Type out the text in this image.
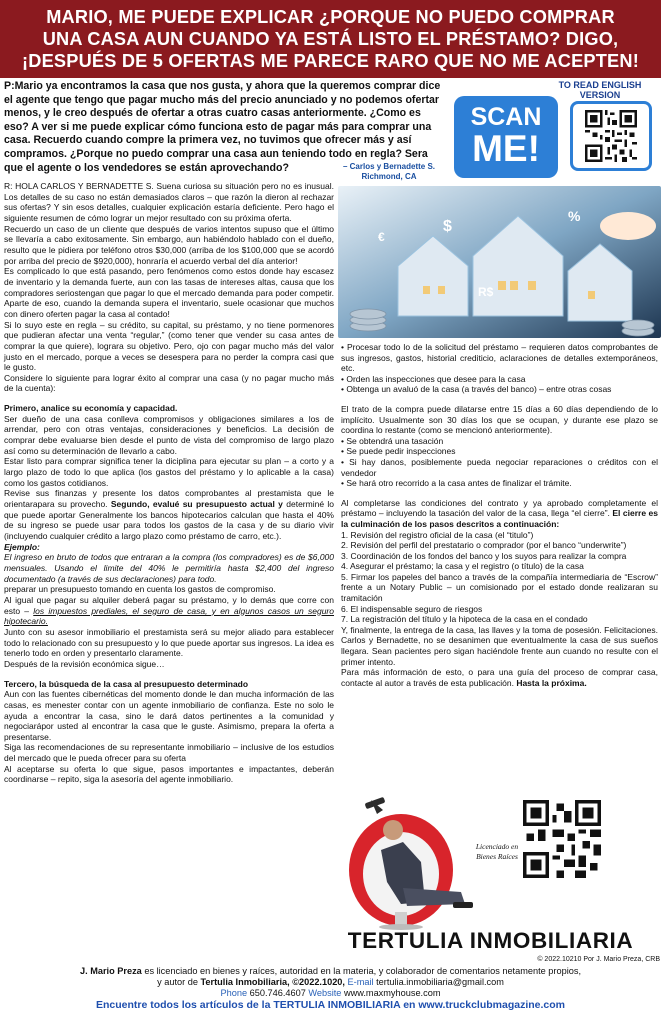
MARIO, ME PUEDE EXPLICAR ¿PORQUE NO PUEDO COMPRAR
UNA CASA AUN CUANDO YA ESTÁ LISTO EL PRÉSTAMO? DIGO,
¡DESPUÉS DE 5 OFERTAS ME PARECE RARO QUE NO ME ACEPTEN!
P:Mario ya encontramos la casa que nos gusta, y ahora que la queremos comprar dice el agente que tengo que pagar mucho más del precio anunciado y no podemos ofertar menos, y le creo después de ofertar a otras cuatro casas anteriormente. ¿Como es eso? A ver si me puede explicar cómo funciona esto de pagar más para comprar una casa. Recuerdo cuando compre la primera vez, no tuvimos que ofrecer más y así compramos. ¿Porque no puedo comprar una casa aun teniendo todo en regla? Sera que el agente o los vendedores se están aprovechando?	– Carlos y Bernadette S.
Richmond, CA
TO READ ENGLISH
VERSION
SCAN
ME!

R: HOLA CARLOS Y BERNADETTE S. Suena curiosa su situación pero no es inusual. Los detalles de su caso no están demasiados claros – que razón la dieron al rechazar sus ofertas? Y sin esos detalles, cualquier explicación estaría deficiente. Pero hago el siguiente resumen de cómo lograr un mejor resultado con su próxima oferta.

Recuerdo un caso de un cliente que después de varios intentos supuso que el último se llevaría a cabo exitosamente. Sin embargo, aun habiéndolo hablado con el dueño, resulto que le pidiera por teléfono otros $30,000 (arriba de los $100,000 que se acordó por arriba del precio de $920,000), honraría el acuerdo verbal del día anterior!

Es complicado lo que está pasando, pero fenómenos como estos donde hay escasez de inventario y la demanda fuerte, aun con las tasas de intereses altas, causa que los compradores seriostengan que pagar lo que el mercado demanda para poder competir. Aparte de eso, cuando la demanda supera el inventario, suele ocasionar que muchos con dinero oferten pagar la casa al contado!

Si lo suyo este en regla – su crédito, su capital, su préstamo, y no tiene pormenores que pudieran afectar una venta “regular,” (como tener que vender su casa antes de comprar la que quiere), lograra su objetivo. Pero, ojo con pagar mucho más del valor justo en el mercado, porque a veces se desespera para no perder la compra casi que le gusto.

Considere lo siguiente para lograr éxito al comprar una casa (y no pagar mucho más de la cuenta):

Primero, analice su economía y capacidad.

Ser dueño de una casa conlleva compromisos y obligaciones similares a los de arrendar, pero con otras ventajas, consideraciones y beneficios. La decisión de comprar debe evaluarse bien desde el punto de vista del compromiso de largo plazo así como su determinación de llevarlo a cabo.

Estar listo para comprar significa tener la diciplina para ejecutar su plan – a corto y a largo plazo de todo lo que aplica (los gastos del préstamo y lo aplicable a la casa) como los gastos cotidianos.

Revise sus finanzas y presente los datos comprobantes al prestamista que le orientarapara su provecho. Segundo, evalué su presupuesto actual y determiné lo que puede aportar Generalmente los bancos hipotecarios calculan que hasta el 40% de su ingreso se puede usar para todos los gastos de la casa y de su diario vivir (incluyendo cualquier crédito a largo plazo como préstamo de carro, etc.).

Ejemplo:

El ingreso en bruto de todos que entraran a la compra (los compradores) es de $6,000 mensuales. Usando el limite del 40% le permitiría hasta $2,400 del ingreso documentado (a través de sus declaraciones) para todo.

preparar un presupuesto tomando en cuenta los gastos de compromiso.

Al igual que pagar su alquiler deberá pagar su préstamo, y lo demás que corre con esto – los impuestos prediales, el seguro de casa, y en algunos casos un seguro hipotecario.

Junto con su asesor inmobiliario el prestamista será su mejor aliado para establecer todo lo relacionado con su presupuesto y lo que puede aportar sus ingresos. La idea es tenerlo todo en orden y presentarlo claramente.

Después de la revisión económica sigue…

Tercero, la búsqueda de la casa al presupuesto determinado

Aun con las fuentes cibernéticas del momento donde le dan mucha información de las casas, es menester contar con un agente inmobiliario de confianza. Este no solo le ayuda a encontrar la casa, sino le dará datos pertinentes a la comunidad y negociarápor usted al encontrar la casa que le guste. Asimismo, prepara la oferta a presentarse.

Siga las recomendaciones de su representante inmobiliario – inclusive de los estudios del mercado que le pueda ofrecer para su oferta

Al aceptarse su oferta lo que sigue, pasos importantes e impactantes, deberán coordinarse – repito, siga la asesoría del agente inmobiliario.

$
%
R$
€

• Procesar todo lo de la solicitud del préstamo – requieren datos comprobantes de sus ingresos, gastos, historial crediticio, aclaraciones de detalles extemporáneos, etc.

• Orden las inspecciones que desee para la casa

• Obtenga un avaluó de la casa (a través del banco) – entre otras cosas

El trato de la compra puede dilatarse entre 15 días a 60 días dependiendo de lo implícito. Usualmente son 30 días los que se ocupan, y durante ese plazo se coordina lo restante (como se mencionó anteriormente).

• Se obtendrá una tasación

• Se puede pedir inspecciones

• Si hay danos, posiblemente pueda negociar reparaciones o créditos con el vendedor

• Se hará otro recorrido a la casa antes de finalizar el trámite.

Al completarse las condiciones del contrato y ya aprobado completamente el préstamo – incluyendo la tasación del valor de la casa, llega “el cierre”. El cierre es la culminación de los pasos descritos a continuación:

1. Revisión del registro oficial de la casa (el “titulo”)

2. Revisión del perfil del prestatario o comprador (por el banco “underwrite”)

3. Coordinación de los fondos del banco y los suyos para realizar la compra

4. Asegurar el préstamo; la casa y el registro (o título) de la casa

5. Firmar los papeles del banco a través de la compañía intermediaria de “Escrow” frente a un Notary Public – un comisionado por el estado donde realizaran su tramitación

6. El indispensable seguro de riesgos

7. La registración del título y la hipoteca de la casa en el condado

Y, finalmente, la entrega de la casa, las llaves y la toma de posesión. Felicitaciones. Carlos y Bernadette, no se desanimen que eventualmente la casa de sus sueños llegara. Sean pacientes pero sigan haciéndole frente aun cuando no resulte con el primer intento.

Para más información de esto, o para una guía del proceso de comprar casa, contacte al autor a través de esta publicación. Hasta la próxima.

Licenciado en
Bienes Raíces
TERTULIA INMOBILIARIA
© 2022.10210 Por J. Mario Preza, CRB
J. Mario Preza es licenciado en bienes y raíces, autoridad en la materia, y colaborador de comentarios netamente propios,
y autor de Tertulia Inmobiliaria, ©2022.1020, E-mail tertulia.inmobiliaria@gmail.com
Phone 650.746.4607 Website www.maxmyhouse.com
Encuentre todos los artículos de la TERTULIA INMOBILIARIA en www.truckclubmagazine.com
